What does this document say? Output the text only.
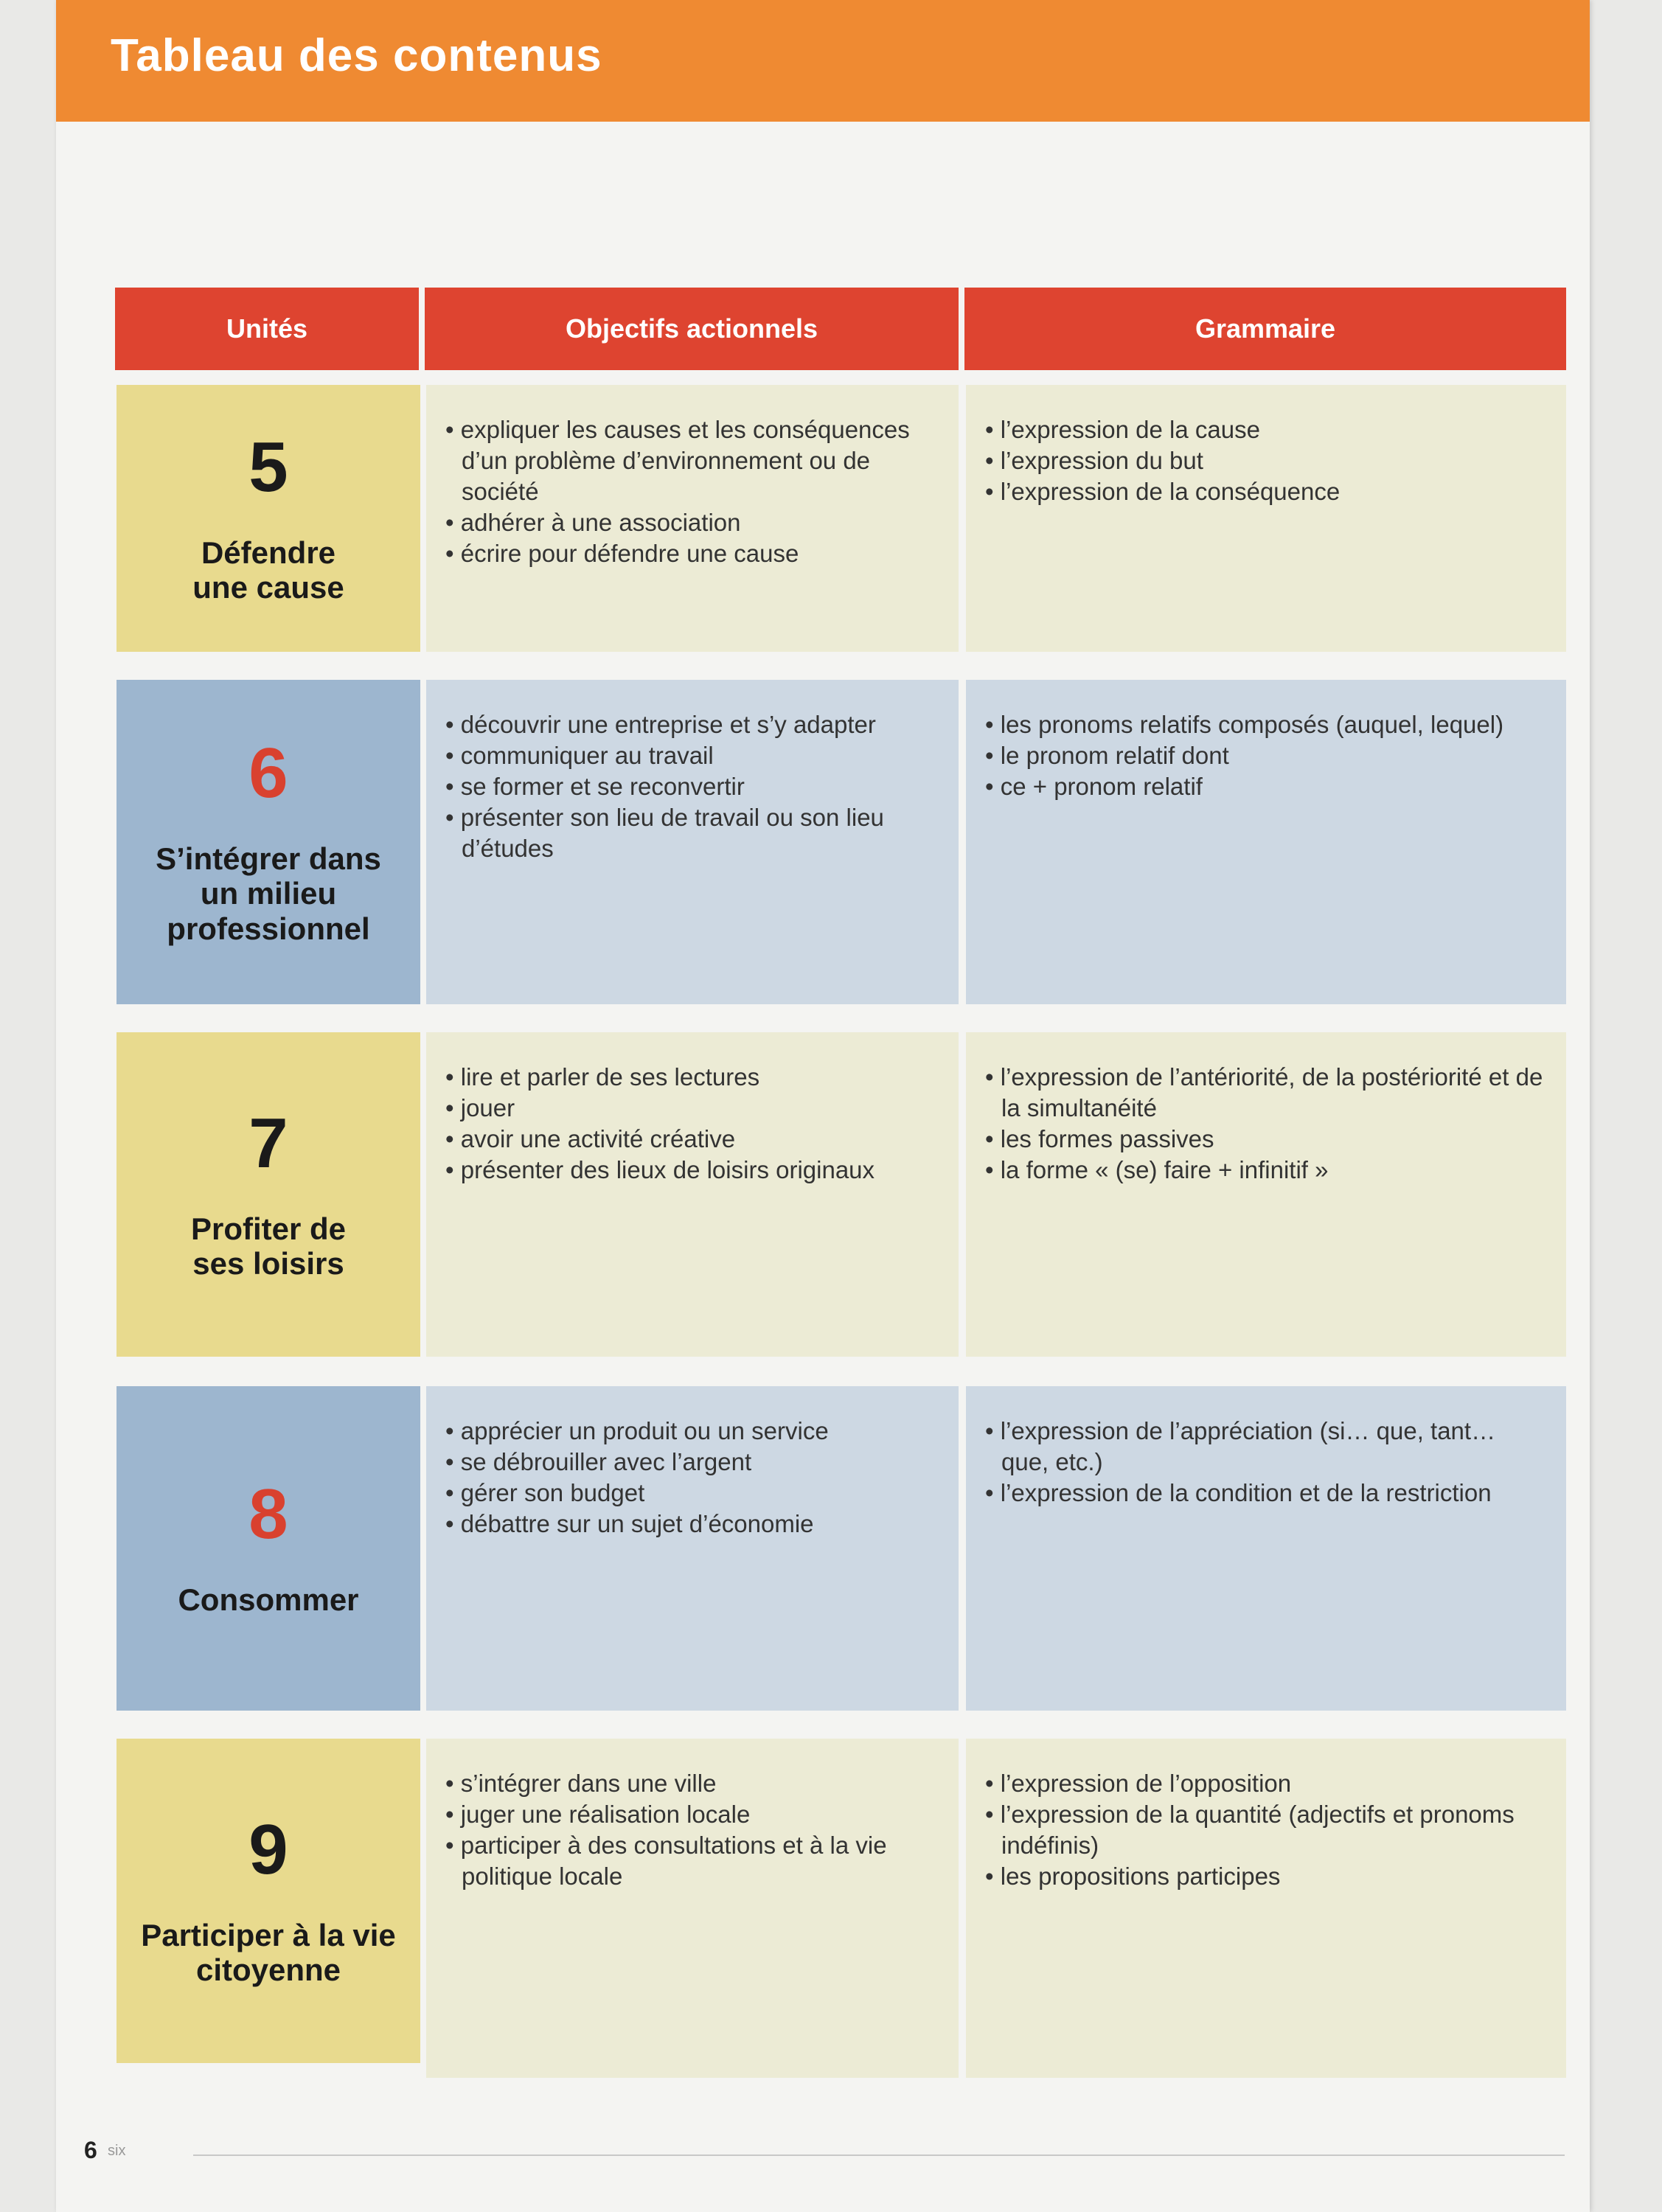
Tableau des contenus
Unités	Objectifs actionnels	Grammaire
5
Défendre une cause
• expliquer les causes et les conséquences d’un problème d’environnement ou de société
• adhérer à une association
• écrire pour défendre une cause
• l’expression de la cause
• l’expression du but
• l’expression de la conséquence
6
S’intégrer dans un milieu professionnel
• découvrir une entreprise et s’y adapter
• communiquer au travail
• se former et se reconvertir
• présenter son lieu de travail ou son lieu d’études
• les pronoms relatifs composés (auquel, lequel)
• le pronom relatif dont
• ce + pronom relatif
7
Profiter de ses loisirs
• lire et parler de ses lectures
• jouer
• avoir une activité créative
• présenter des lieux de loisirs originaux
• l’expression de l’antériorité, de la postériorité et de la simultanéité
• les formes passives
• la forme « (se) faire + infinitif »
8
Consommer
• apprécier un produit ou un service
• se débrouiller avec l’argent
• gérer son budget
• débattre sur un sujet d’économie
• l’expression de l’appréciation (si… que, tant… que, etc.)
• l’expression de la condition et de la restriction
9
Participer à la vie citoyenne
• s’intégrer dans une ville
• juger une réalisation locale
• participer à des consultations et à la vie politique locale
• l’expression de l’opposition
• l’expression de la quantité (adjectifs et pronoms indéfinis)
• les propositions participes
6 six
